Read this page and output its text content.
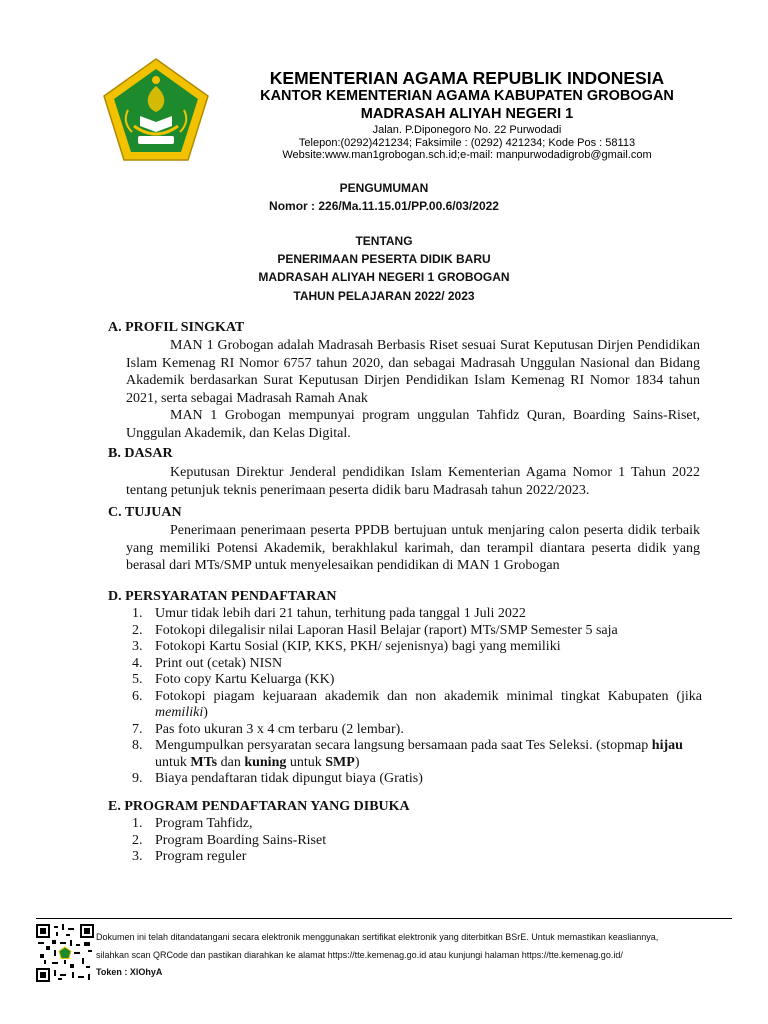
KEMENTERIAN AGAMA REPUBLIK INDONESIA
KANTOR KEMENTERIAN AGAMA KABUPATEN GROBOGAN
MADRASAH ALIYAH NEGERI 1
Jalan. P.Diponegoro No. 22 Purwodadi
Telepon:(0292)421234; Faksimile : (0292) 421234; Kode Pos : 58113
Website:www.man1grobogan.sch.id;e-mail: manpurwodadigrob@gmail.com
PENGUMUMAN
Nomor : 226/Ma.11.15.01/PP.00.6/03/2022
TENTANG
PENERIMAAN PESERTA DIDIK BARU
MADRASAH ALIYAH NEGERI 1 GROBOGAN
TAHUN PELAJARAN 2022/ 2023
A. PROFIL SINGKAT
MAN 1 Grobogan adalah Madrasah Berbasis Riset sesuai Surat Keputusan Dirjen Pendidikan Islam Kemenag RI Nomor 6757 tahun 2020, dan sebagai Madrasah Unggulan Nasional dan Bidang Akademik berdasarkan Surat Keputusan Dirjen Pendidikan Islam Kemenag RI Nomor 1834 tahun 2021, serta sebagai Madrasah Ramah Anak
MAN 1 Grobogan mempunyai program unggulan Tahfidz Quran, Boarding Sains-Riset, Unggulan Akademik, dan Kelas Digital.
B. DASAR
Keputusan Direktur Jenderal pendidikan Islam Kementerian Agama Nomor 1 Tahun 2022 tentang petunjuk teknis penerimaan peserta didik baru Madrasah tahun 2022/2023.
C. TUJUAN
Penerimaan penerimaan peserta PPDB bertujuan untuk menjaring calon peserta didik terbaik yang memiliki Potensi Akademik, berakhlakul karimah, dan terampil diantara peserta didik yang berasal dari MTs/SMP untuk menyelesaikan pendidikan di MAN 1 Grobogan
D. PERSYARATAN PENDAFTARAN
1. Umur tidak lebih dari 21 tahun, terhitung pada tanggal 1 Juli 2022
2. Fotokopi dilegalisir nilai Laporan Hasil Belajar (raport) MTs/SMP Semester 5 saja
3. Fotokopi Kartu Sosial (KIP, KKS, PKH/ sejenisnya) bagi yang memiliki
4. Print out (cetak) NISN
5. Foto copy Kartu Keluarga (KK)
6. Fotokopi piagam kejuaraan akademik dan non akademik minimal tingkat Kabupaten (jika memiliki)
7. Pas foto ukuran 3 x 4 cm terbaru (2 lembar).
8. Mengumpulkan persyaratan secara langsung bersamaan pada saat Tes Seleksi. (stopmap hijau untuk MTs dan kuning untuk SMP)
9. Biaya pendaftaran tidak dipungut biaya (Gratis)
E. PROGRAM PENDAFTARAN YANG DIBUKA
1. Program Tahfidz,
2. Program Boarding Sains-Riset
3. Program reguler
Dokumen ini telah ditandatangani secara elektronik menggunakan sertifikat elektronik yang diterbitkan BSrE. Untuk memastikan keasliannya,
silahkan scan QRCode dan pastikan diarahkan ke alamat https://tte.kemenag.go.id atau kunjungi halaman https://tte.kemenag.go.id/
Token : XlOhyA
